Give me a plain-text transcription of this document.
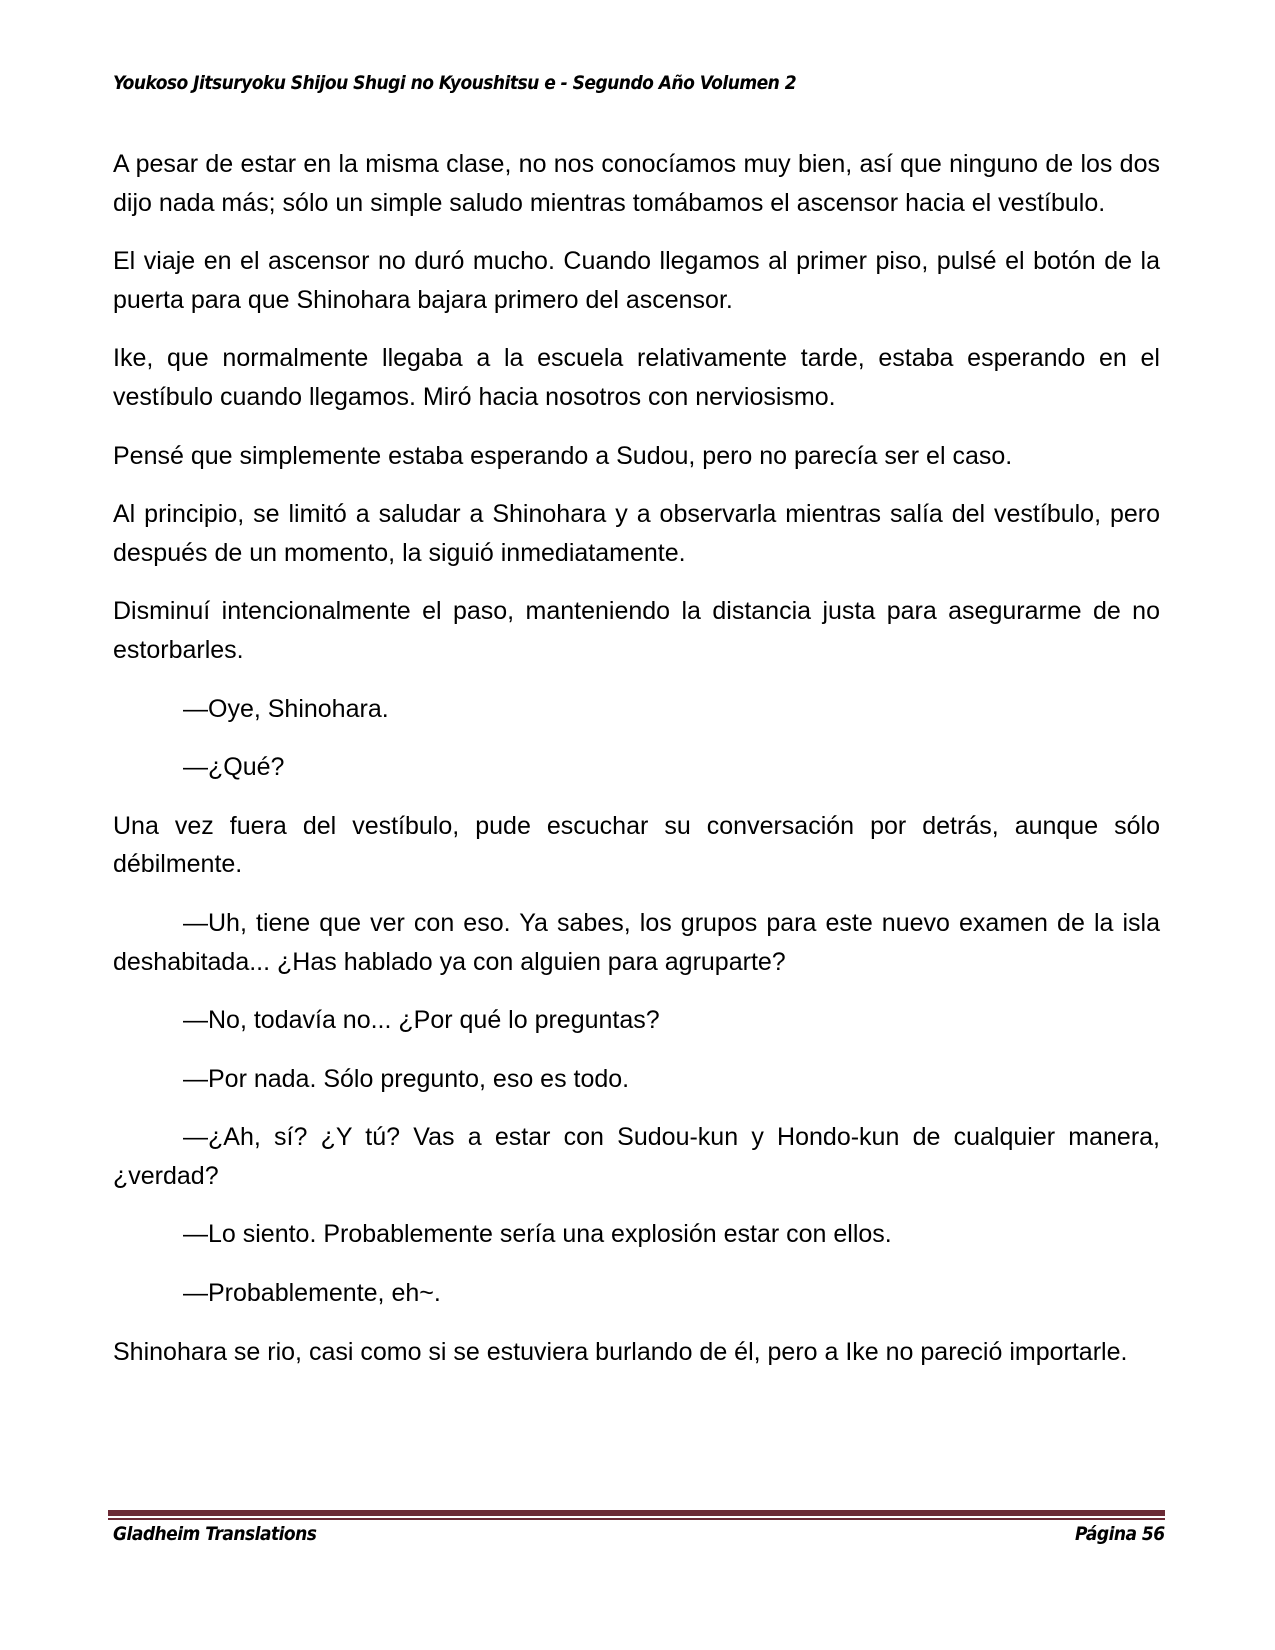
Youkoso Jitsuryoku Shijou Shugi no Kyoushitsu e - Segundo Año Volumen 2

A pesar de estar en la misma clase, no nos conocíamos muy bien, así que ninguno de los dos dijo nada más; sólo un simple saludo mientras tomábamos el ascensor hacia el vestíbulo.

El viaje en el ascensor no duró mucho. Cuando llegamos al primer piso, pulsé el botón de la puerta para que Shinohara bajara primero del ascensor.

Ike, que normalmente llegaba a la escuela relativamente tarde, estaba esperando en el vestíbulo cuando llegamos. Miró hacia nosotros con nerviosismo.

Pensé que simplemente estaba esperando a Sudou, pero no parecía ser el caso.

Al principio, se limitó a saludar a Shinohara y a observarla mientras salía del vestíbulo, pero después de un momento, la siguió inmediatamente.

Disminuí intencionalmente el paso, manteniendo la distancia justa para asegurarme de no estorbarles.

—Oye, Shinohara.

—¿Qué?

Una vez fuera del vestíbulo, pude escuchar su conversación por detrás, aunque sólo débilmente.

—Uh, tiene que ver con eso. Ya sabes, los grupos para este nuevo examen de la isla deshabitada... ¿Has hablado ya con alguien para agruparte?

—No, todavía no... ¿Por qué lo preguntas?

—Por nada. Sólo pregunto, eso es todo.

—¿Ah, sí? ¿Y tú? Vas a estar con Sudou-kun y Hondo-kun de cualquier manera, ¿verdad?

—Lo siento. Probablemente sería una explosión estar con ellos.

—Probablemente, eh~.

Shinohara se rio, casi como si se estuviera burlando de él, pero a Ike no pareció importarle.

Gladheim Translations	Página 56
